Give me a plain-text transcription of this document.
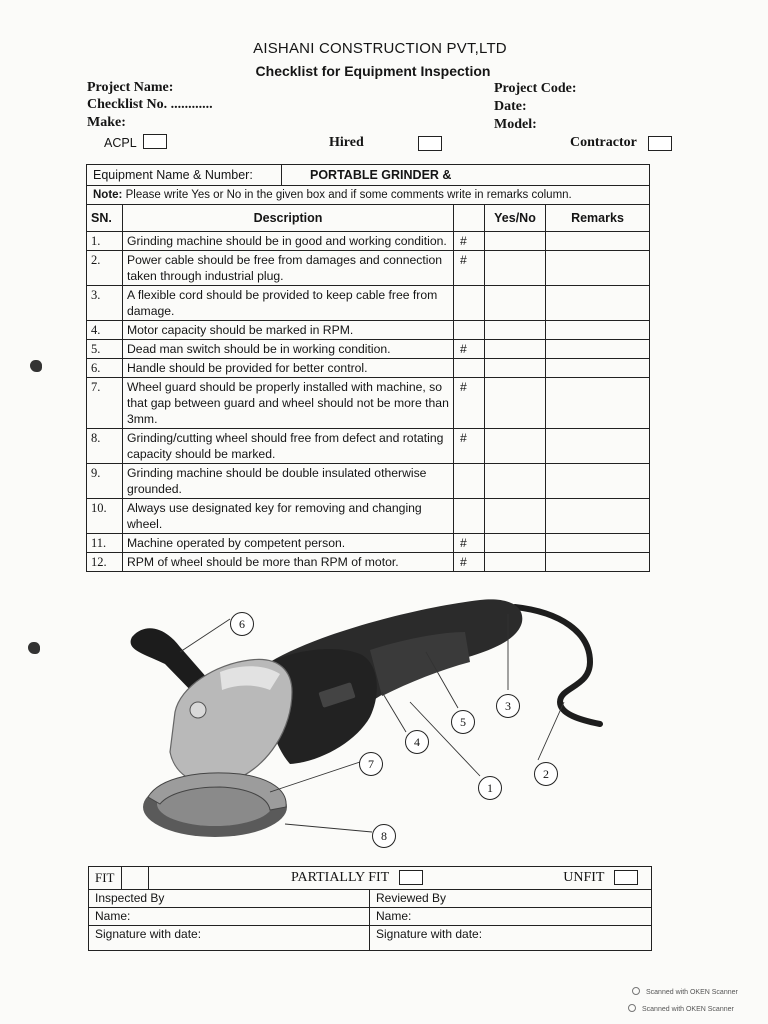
AISHANI CONSTRUCTION PVT,LTD
Checklist for Equipment Inspection
Project Name:
Checklist No. ............
Make:
Project Code:
Date:
Model:
ACPL	Hired	Contractor
Equipment Name & Number: PORTABLE GRINDER &				

Note: Please write Yes or No in the given box and if some comments write in remarks column.				
SN.	Description		Yes/No	Remarks
1.	Grinding machine should be in good and working condition.	#		
2.	Power cable should be free from damages and connection taken through industrial plug.	#		
3.	A flexible cord should be provided to keep cable free from damage.			
4.	Motor capacity should be marked in RPM.			
5.	Dead man switch should be in working condition.	#		
6.	Handle should be provided for better control.			
7.	Wheel guard should be properly installed with machine, so that gap between guard and wheel should not be more than 3mm.	#		
8.	Grinding/cutting wheel should free from defect and rotating capacity should be marked.	#		
9.	Grinding machine should be double insulated otherwise grounded.			
10.	Always use designated key for removing and changing wheel.			
11.	Machine operated by competent person.	#		
12.	RPM of wheel should be more than RPM of motor.	#		
6
3
5
4
7
2
1
8
FIT	PARTIALLY FIT	UNFIT
Inspected By	Reviewed By
Name:	Name:
Signature with date:	Signature with date:
Scanned with OKEN Scanner
Scanned with OKEN Scanner
